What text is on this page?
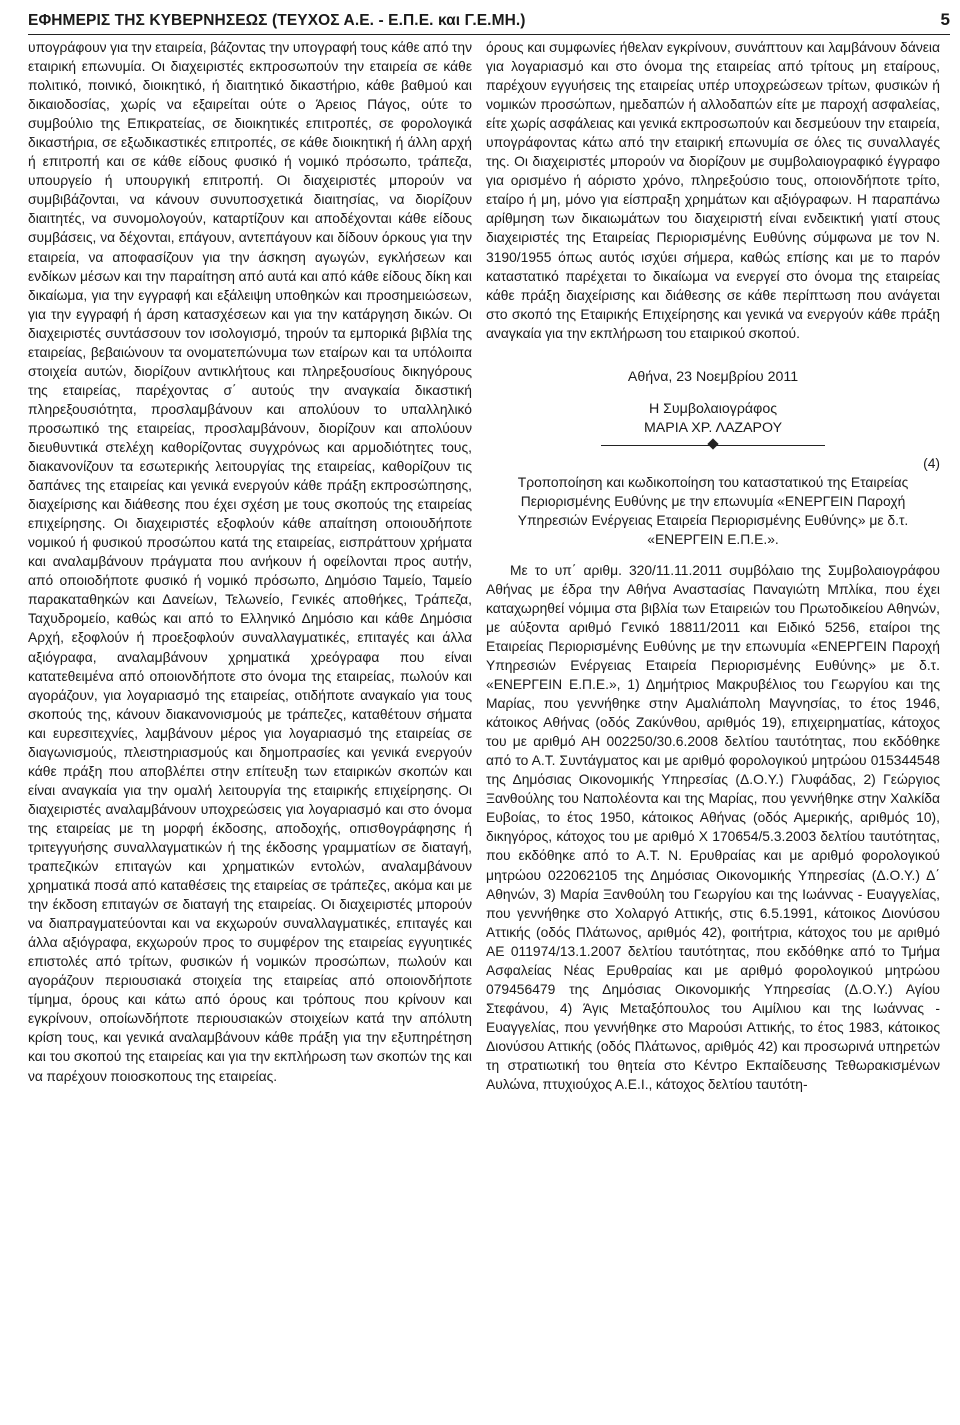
ΕΦΗΜΕΡΙΣ ΤΗΣ ΚΥΒΕΡΝΗΣΕΩΣ (ΤΕΥΧΟΣ Α.Ε. - Ε.Π.Ε. και Γ.Ε.ΜΗ.)	5

υπογράφουν για την εταιρεία, βάζοντας την υπογραφή τους κάθε από την εταιρική επωνυμία. Οι διαχειριστές εκπροσωπούν την εταιρεία σε κάθε πολιτικό, ποινικό, διοικητικό, ή διαιτητικό δικαστήριο, κάθε βαθμού και δικαιοδοσίας, χωρίς να εξαιρείται ούτε ο Άρειος Πάγος, ούτε το συμβούλιο της Επικρατείας, σε διοικητικές επιτροπές, σε φορολογικά δικαστήρια, σε εξωδικαστικές επιτροπές, σε κάθε διοικητική ή άλλη αρχή ή επιτροπή και σε κάθε είδους φυσικό ή νομικό πρόσωπο, τράπεζα, υπουργείο ή υπουργική επιτροπή. Οι διαχειριστές μπορούν να συμβιβάζονται, να κάνουν συνυποσχετικά διαιτησίας, να διορίζουν διαιτητές, να συνομολογούν, καταρτίζουν και αποδέχονται κάθε είδους συμβάσεις, να δέχονται, επάγουν, αντεπάγουν και δίδουν όρκους για την εταιρεία, να αποφασίζουν για την άσκηση αγωγών, εγκλήσεων και ενδίκων μέσων και την παραίτηση από αυτά και από κάθε είδους δίκη και δικαίωμα, για την εγγραφή και εξάλειψη υποθηκών και προσημειώσεων, για την εγγραφή ή άρση κατασχέσεων και για την κατάργηση δικών. Οι διαχειριστές συντάσσουν τον ισολογισμό, τηρούν τα εμπορικά βιβλία της εταιρείας, βεβαιώνουν τα ονοματεπώνυμα των εταίρων και τα υπόλοιπα στοιχεία αυτών, διορίζουν αντικλήτους και πληρεξουσίους δικηγόρους της εταιρείας, παρέχοντας σ΄ αυτούς την αναγκαία δικαστική πληρεξουσιότητα, προσλαμβάνουν και απολύουν το υπαλληλικό προσωπικό της εταιρείας, προσλαμβάνουν, διορίζουν και απολύουν διευθυντικά στελέχη καθορίζοντας συγχρόνως και αρμοδιότητες τους, διακανονίζουν τα εσωτερικής λειτουργίας της εταιρείας, καθορίζουν τις δαπάνες της εταιρείας και γενικά ενεργούν κάθε πράξη εκπροσώπησης, διαχείρισης και διάθεσης που έχει σχέση με τους σκοπούς της εταιρείας επιχείρησης. Οι διαχειριστές εξοφλούν κάθε απαίτηση οποιουδήποτε νομικού ή φυσικού προσώπου κατά της εταιρείας, εισπράττουν χρήματα και αναλαμβάνουν πράγματα που ανήκουν ή οφείλονται προς αυτήν, από οποιοδήποτε φυσικό ή νομικό πρόσωπο, Δημόσιο Ταμείο, Ταμείο παρακαταθηκών και Δανείων, Τελωνείο, Γενικές αποθήκες, Τράπεζα, Ταχυδρομείο, καθώς και από το Ελληνικό Δημόσιο και κάθε Δημόσια Αρχή, εξοφλούν ή προεξοφλούν συναλλαγματικές, επιταγές και άλλα αξιόγραφα, αναλαμβάνουν χρηματικά χρεόγραφα που είναι κατατεθειμένα από οποιονδήποτε στο όνομα της εταιρείας, πωλούν και αγοράζουν, για λογαριασμό της εταιρείας, οτιδήποτε αναγκαίο για τους σκοπούς της, κάνουν διακανονισμούς με τράπεζες, καταθέτουν σήματα και ευρεσιτεχνίες, λαμβάνουν μέρος για λογαριασμό της εταιρείας σε διαγωνισμούς, πλειστηριασμούς και δημοπρασίες και γενικά ενεργούν κάθε πράξη που αποβλέπει στην επίτευξη των εταιρικών σκοπών και είναι αναγκαία για την ομαλή λειτουργία της εταιρικής επιχείρησης. Οι διαχειριστές αναλαμβάνουν υποχρεώσεις για λογαριασμό και στο όνομα της εταιρείας με τη μορφή έκδοσης, αποδοχής, οπισθογράφησης ή τριτεγγυήσης συναλλαγματικών ή της έκδοσης γραμματίων σε διαταγή, τραπεζικών επιταγών και χρηματικών εντολών, αναλαμβάνουν χρηματικά ποσά από καταθέσεις της εταιρείας σε τράπεζες, ακόμα και με την έκδοση επιταγών σε διαταγή της εταιρείας. Οι διαχειριστές μπορούν να διαπραγματεύονται και να εκχωρούν συναλλαγματικές, επιταγές και άλλα αξιόγραφα, εκχωρούν προς το συμφέρον της εταιρείας εγγυητικές επιστολές από τρίτων, φυσικών ή νομικών προσώπων, πωλούν και αγοράζουν περιουσιακά στοιχεία της εταιρείας από οποιονδήποτε τίμημα, όρους και κάτω από όρους και τρόπους που κρίνουν και εγκρίνουν, οποίωνδήποτε περιουσιακών στοιχείων κατά την απόλυτη κρίση τους, και γενικά αναλαμβάνουν κάθε πράξη για την εξυπηρέτηση και του σκοπού της εταιρείας και για την εκπλήρωση των σκοπών της και να παρέχουν ποιοσκοπους της εταιρείας.

όρους και συμφωνίες ήθελαν εγκρίνουν, συνάπτουν και λαμβάνουν δάνεια για λογαριασμό και στο όνομα της εταιρείας από τρίτους μη εταίρους, παρέχουν εγγυήσεις της εταιρείας υπέρ υποχρεώσεων τρίτων, φυσικών ή νομικών προσώπων, ημεδαπών ή αλλοδαπών είτε με παροχή ασφαλείας, είτε χωρίς ασφάλειας και γενικά εκπροσωπούν και δεσμεύουν την εταιρεία, υπογράφοντας κάτω από την εταιρική επωνυμία σε όλες τις συναλλαγές της. Οι διαχειριστές μπορούν να διορίζουν με συμβολαιογραφικό έγγραφο για ορισμένο ή αόριστο χρόνο, πληρεξούσιο τους, οποιονδήποτε τρίτο, εταίρο ή μη, μόνο για είσπραξη χρημάτων και αξιόγραφων. Η παραπάνω αρίθμηση των δικαιωμάτων του διαχειριστή είναι ενδεικτική γιατί στους διαχειριστές της Εταιρείας Περιορισμένης Ευθύνης σύμφωνα με τον Ν. 3190/1955 όπως αυτός ισχύει σήμερα, καθώς επίσης και με το παρόν καταστατικό παρέχεται το δικαίωμα να ενεργεί στο όνομα της εταιρείας κάθε πράξη διαχείρισης και διάθεσης σε κάθε περίπτωση που ανάγεται στο σκοπό της Εταιρικής Επιχείρησης και γενικά να ενεργούν κάθε πράξη αναγκαία για την εκπλήρωση του εταιρικού σκοπού.

Αθήνα, 23 Νοεμβρίου 2011
Η Συμβολαιογράφος
ΜΑΡΙΑ ΧΡ. ΛΑΖΑΡΟΥ
(4)
Τροποποίηση και κωδικοποίηση του καταστατικού της Εταιρείας Περιορισμένης Ευθύνης με την επωνυμία «ΕΝΕΡΓΕΙΝ Παροχή Υπηρεσιών Ενέργειας Εταιρεία Περιορισμένης Ευθύνης» με δ.τ. «ΕΝΕΡΓΕΙΝ Ε.Π.Ε.».

Με το υπ΄ αριθμ. 320/11.11.2011 συμβόλαιο της Συμβολαιογράφου Αθήνας με έδρα την Αθήνα Αναστασίας Παναγιώτη Μπλίκα, που έχει καταχωρηθεί νόμιμα στα βιβλία των Εταιρειών του Πρωτοδικείου Αθηνών, με αύξοντα αριθμό Γενικό 18811/2011 και Ειδικό 5256, εταίροι της Εταιρείας Περιορισμένης Ευθύνης με την επωνυμία «ΕΝΕΡΓΕΙΝ Παροχή Υπηρεσιών Ενέργειας Εταιρεία Περιορισμένης Ευθύνης» με δ.τ. «ΕΝΕΡΓΕΙΝ Ε.Π.Ε.», 1) Δημήτριος Μακρυβέλιος του Γεωργίου και της Μαρίας, που γεννήθηκε στην Αμαλιάπολη Μαγνησίας, το έτος 1946, κάτοικος Αθήνας (οδός Ζακύνθου, αριθμός 19), επιχειρηματίας, κάτοχος του με αριθμό ΑΗ 002250/30.6.2008 δελτίου ταυτότητας, που εκδόθηκε από το Α.Τ. Συντάγματος και με αριθμό φορολογικού μητρώου 015344548 της Δημόσιας Οικονομικής Υπηρεσίας (Δ.Ο.Υ.) Γλυφάδας, 2) Γεώργιος Ξανθούλης του Ναπολέοντα και της Μαρίας, που γεννήθηκε στην Χαλκίδα Ευβοίας, το έτος 1950, κάτοικος Αθήνας (οδός Αμερικής, αριθμός 10), δικηγόρος, κάτοχος του με αριθμό Χ 170654/5.3.2003 δελτίου ταυτότητας, που εκδόθηκε από το Α.Τ. Ν. Ερυθραίας και με αριθμό φορολογικού μητρώου 022062105 της Δημόσιας Οικονομικής Υπηρεσίας (Δ.Ο.Υ.) Δ΄ Αθηνών, 3) Μαρία Ξανθούλη του Γεωργίου και της Ιωάννας - Ευαγγελίας, που γεννήθηκε στο Χολαργό Αττικής, στις 6.5.1991, κάτοικος Διονύσου Αττικής (οδός Πλάτωνος, αριθμός 42), φοιτήτρια, κάτοχος του με αριθμό ΑΕ 011974/13.1.2007 δελτίου ταυτότητας, που εκδόθηκε από το Τμήμα Ασφαλείας Νέας Ερυθραίας και με αριθμό φορολογικού μητρώου 079456479 της Δημόσιας Οικονομικής Υπηρεσίας (Δ.Ο.Υ.) Αγίου Στεφάνου, 4) Άγις Μεταξόπουλος του Αιμίλιου και της Ιωάννας - Ευαγγελίας, που γεννήθηκε στο Μαρούσι Αττικής, το έτος 1983, κάτοικος Διονύσου Αττικής (οδός Πλάτωνος, αριθμός 42) και προσωρινά υπηρετών τη στρατιωτική του θητεία στο Κέντρο Εκπαίδευσης Τεθωρακισμένων Αυλώνα, πτυχιούχος Α.Ε.Ι., κάτοχος δελτίου ταυτότη-
